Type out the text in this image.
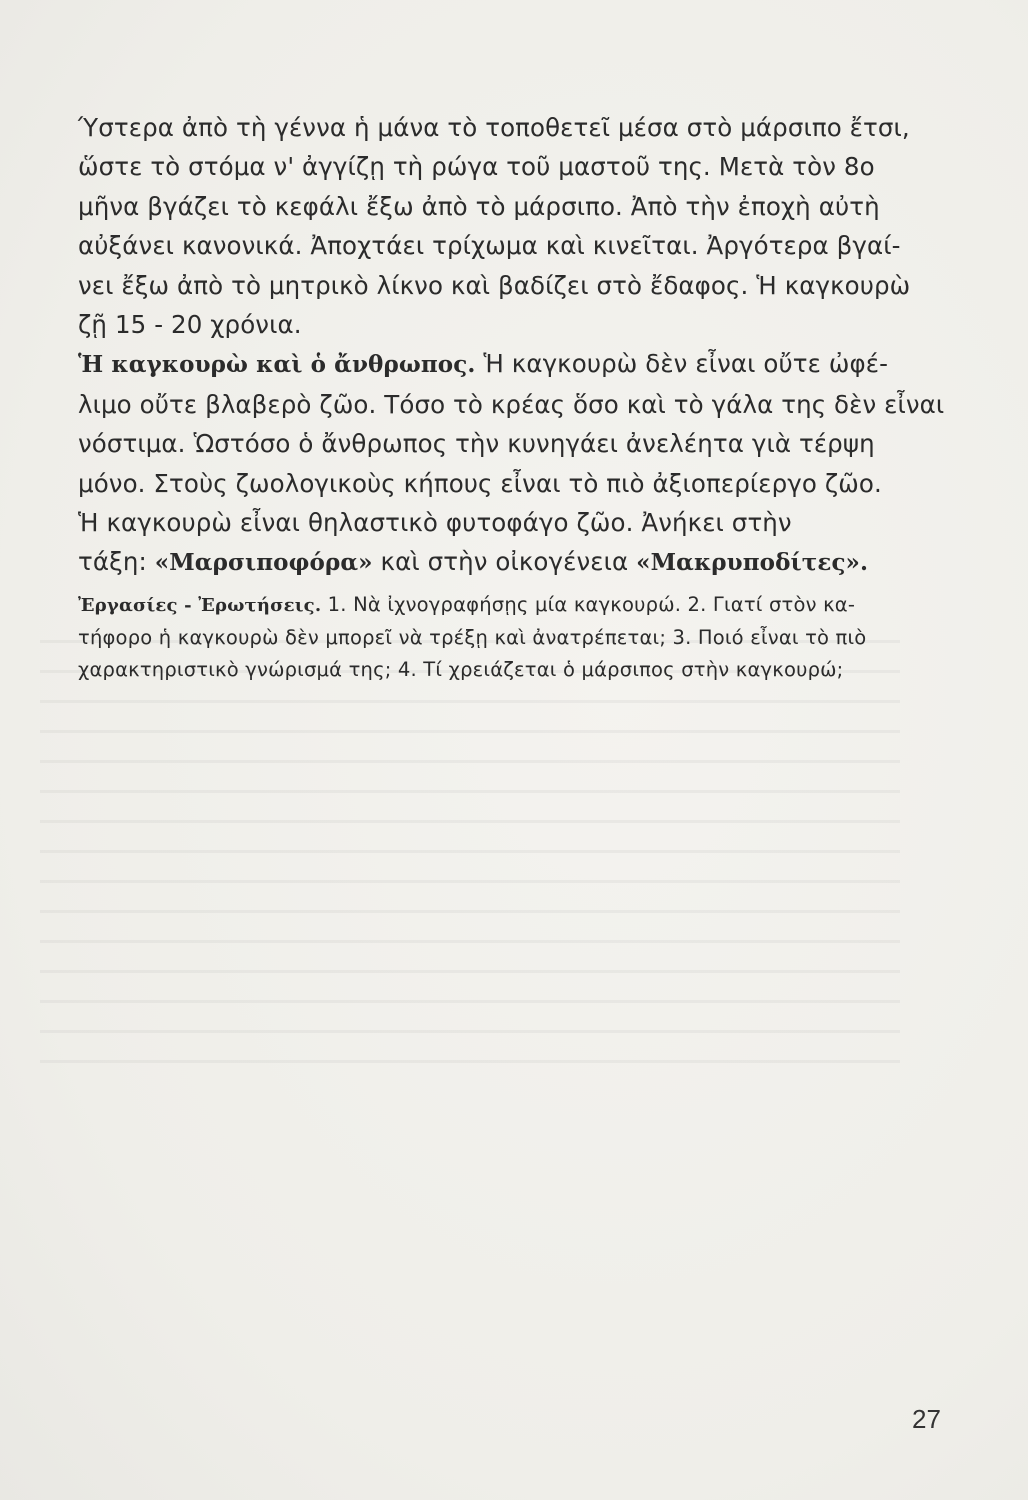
Ύστερα ἀπὸ τὴ γέννα ἡ μάνα τὸ τοποθετεῖ μέσα στὸ μάρσιπο ἔτσι,
ὥστε τὸ στόμα ν' ἀγγίζῃ τὴ ρώγα τοῦ μαστοῦ της. Μετὰ τὸν 8ο
μῆνα βγάζει τὸ κεφάλι ἔξω ἀπὸ τὸ μάρσιπο. Ἀπὸ τὴν ἐποχὴ αὐτὴ
αὐξάνει κανονικά. Ἀποχτάει τρίχωμα καὶ κινεῖται. Ἀργότερα βγαί-
νει ἔξω ἀπὸ τὸ μητρικὸ λίκνο καὶ βαδίζει στὸ ἔδαφος. Ἡ καγκουρὼ
ζῇ 15 - 20 χρόνια.
Ἡ καγκουρὼ καὶ ὁ ἄνθρωπος. Ἡ καγκουρὼ δὲν εἶναι οὔτε ὠφέ-
λιμο οὔτε βλαβερὸ ζῶο. Τόσο τὸ κρέας ὅσο καὶ τὸ γάλα της δὲν εἶναι
νόστιμα. Ὡστόσο ὁ ἄνθρωπος τὴν κυνηγάει ἀνελέητα γιὰ τέρψη
μόνο. Στοὺς ζωολογικοὺς κήπους εἶναι τὸ πιὸ ἀξιοπερίεργο ζῶο.
Ἡ καγκουρὼ εἶναι θηλαστικὸ φυτοφάγο ζῶο. Ἀνήκει στὴν
τάξη: «Μαρσιποφόρα» καὶ στὴν οἰκογένεια «Μακρυποδίτες».
Ἐργασίες - Ἐρωτήσεις. 1. Νὰ ἰχνογραφήσῃς μία καγκουρώ. 2. Γιατί στὸν κα-
τήφορο ἡ καγκουρὼ δὲν μπορεῖ νὰ τρέξῃ καὶ ἀνατρέπεται; 3. Ποιό εἶναι τὸ πιὸ
χαρακτηριστικὸ γνώρισμά της; 4. Τί χρειάζεται ὁ μάρσιπος στὴν καγκουρώ;
27
